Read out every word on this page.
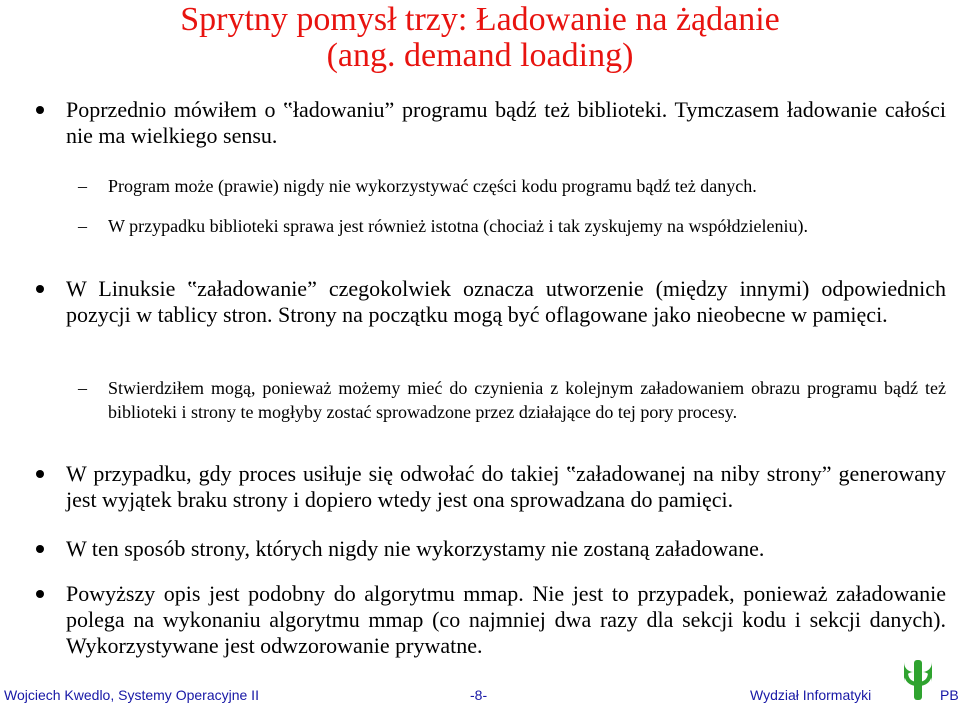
Sprytny pomysł trzy: Ładowanie na żądanie
(ang. demand loading)

Poprzednio mówiłem o ‟ładowaniu” programu bądź też biblioteki. Tymczasem ładowanie całości nie ma wielkiego sensu.

– Program może (prawie) nigdy nie wykorzystywać części kodu programu bądź też danych.

– W przypadku biblioteki sprawa jest również istotna (chociaż i tak zyskujemy na współdzieleniu).

W Linuksie ‟załadowanie” czegokolwiek oznacza utworzenie (między innymi) odpowiednich pozycji w tablicy stron. Strony na początku mogą być oflagowane jako nieobecne w pamięci.

– Stwierdziłem mogą, ponieważ możemy mieć do czynienia z kolejnym załadowaniem obrazu programu bądź też biblioteki i strony te mogłyby zostać sprowadzone przez działające do tej pory procesy.

W przypadku, gdy proces usiłuje się odwołać do takiej ‟załadowanej na niby strony” generowany jest wyjątek braku strony i dopiero wtedy jest ona sprowadzana do pamięci.

W ten sposób strony, których nigdy nie wykorzystamy nie zostaną załadowane.

Powyższy opis jest podobny do algorytmu mmap. Nie jest to przypadek, ponieważ załadowanie polega na wykonaniu algorytmu mmap (co najmniej dwa razy dla sekcji kodu i sekcji danych). Wykorzystywane jest odwzorowanie prywatne.

Wojciech Kwedlo, Systemy Operacyjne II	-8-	Wydział Informatyki	PB
